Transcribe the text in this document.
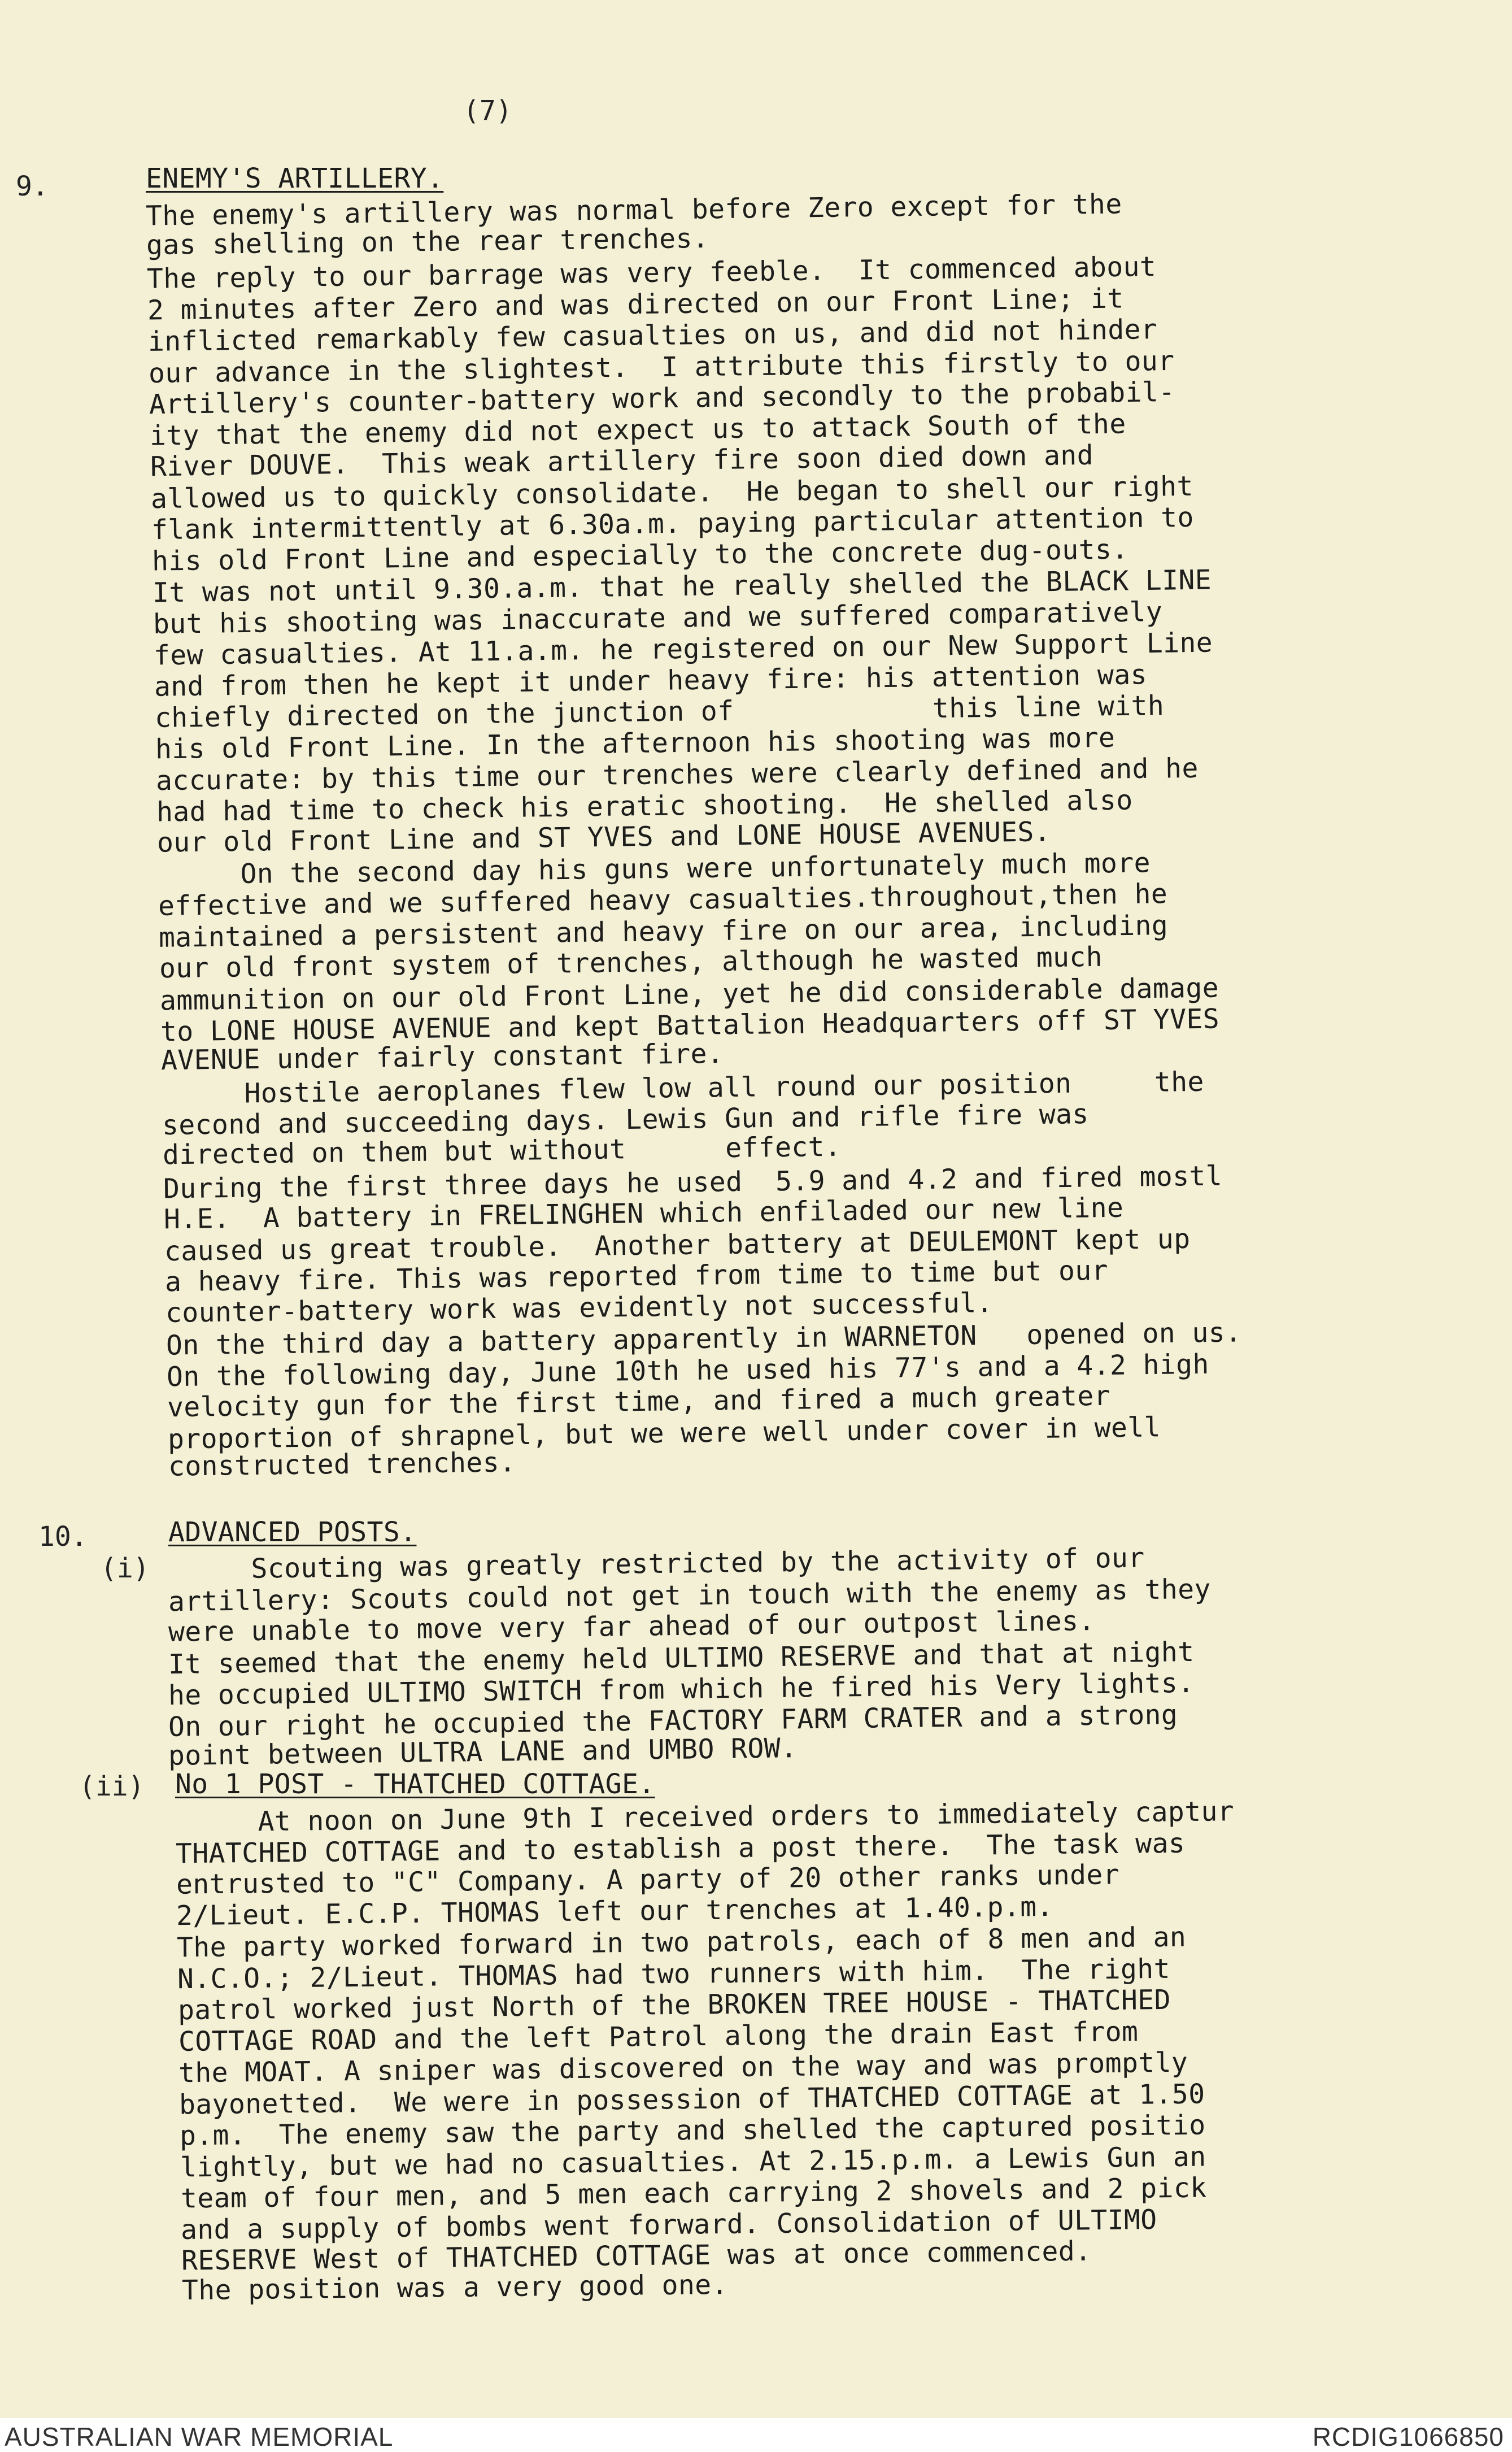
(7)
9.	ENEMY'S ARTILLERY.
The enemy's artillery was normal before Zero except for the
gas shelling on the rear trenches.
The reply to our barrage was very feeble.  It commenced about
2 minutes after Zero and was directed on our Front Line; it
inflicted remarkably few casualties on us, and did not hinder
our advance in the slightest.  I attribute this firstly to our
Artillery's counter-battery work and secondly to the probabil-
ity that the enemy did not expect us to attack South of the
River DOUVE.  This weak artillery fire soon died down and
allowed us to quickly consolidate.  He began to shell our right
flank intermittently at 6.30a.m. paying particular attention to
his old Front Line and especially to the concrete dug-outs.
It was not until 9.30.a.m. that he really shelled the BLACK LINE
but his shooting was inaccurate and we suffered comparatively
few casualties. At 11.a.m. he registered on our New Support Line
and from then he kept it under heavy fire: his attention was
chiefly directed on the junction of            this line with
his old Front Line. In the afternoon his shooting was more
accurate: by this time our trenches were clearly defined and he
had had time to check his eratic shooting.  He shelled also
our old Front Line and ST YVES and LONE HOUSE AVENUES.
On the second day his guns were unfortunately much more
effective and we suffered heavy casualties.throughout,then he
maintained a persistent and heavy fire on our area, including
our old front system of trenches, although he wasted much
ammunition on our old Front Line, yet he did considerable damage
to LONE HOUSE AVENUE and kept Battalion Headquarters off ST YVES
AVENUE under fairly constant fire.
Hostile aeroplanes flew low all round our position     the
second and succeeding days. Lewis Gun and rifle fire was
directed on them but without      effect.
During the first three days he used  5.9 and 4.2 and fired mostl
H.E.  A battery in FRELINGHEN which enfiladed our new line
caused us great trouble.  Another battery at DEULEMONT kept up
a heavy fire. This was reported from time to time but our
counter-battery work was evidently not successful.
On the third day a battery apparently in WARNETON   opened on us.
On the following day, June 10th he used his 77's and a 4.2 high
velocity gun for the first time, and fired a much greater
proportion of shrapnel, but we were well under cover in well
constructed trenches.
10.	ADVANCED POSTS.
(i) Scouting was greatly restricted by the activity of our
artillery: Scouts could not get in touch with the enemy as they
were unable to move very far ahead of our outpost lines.
It seemed that the enemy held ULTIMO RESERVE and that at night
he occupied ULTIMO SWITCH from which he fired his Very lights.
On our right he occupied the FACTORY FARM CRATER and a strong
point between ULTRA LANE and UMBO ROW.
(ii) No 1 POST - THATCHED COTTAGE.
At noon on June 9th I received orders to immediately captur
THATCHED COTTAGE and to establish a post there.  The task was
entrusted to "C" Company. A party of 20 other ranks under
2/Lieut. E.C.P. THOMAS left our trenches at 1.40.p.m.
The party worked forward in two patrols, each of 8 men and an
N.C.O.; 2/Lieut. THOMAS had two runners with him.  The right
patrol worked just North of the BROKEN TREE HOUSE - THATCHED
COTTAGE ROAD and the left Patrol along the drain East from
the MOAT. A sniper was discovered on the way and was promptly
bayonetted.  We were in possession of THATCHED COTTAGE at 1.50
p.m.  The enemy saw the party and shelled the captured positio
lightly, but we had no casualties. At 2.15.p.m. a Lewis Gun an
team of four men, and 5 men each carrying 2 shovels and 2 pick
and a supply of bombs went forward. Consolidation of ULTIMO
RESERVE West of THATCHED COTTAGE was at once commenced.
The position was a very good one.
AUSTRALIAN WAR MEMORIAL	RCDIG1066850
